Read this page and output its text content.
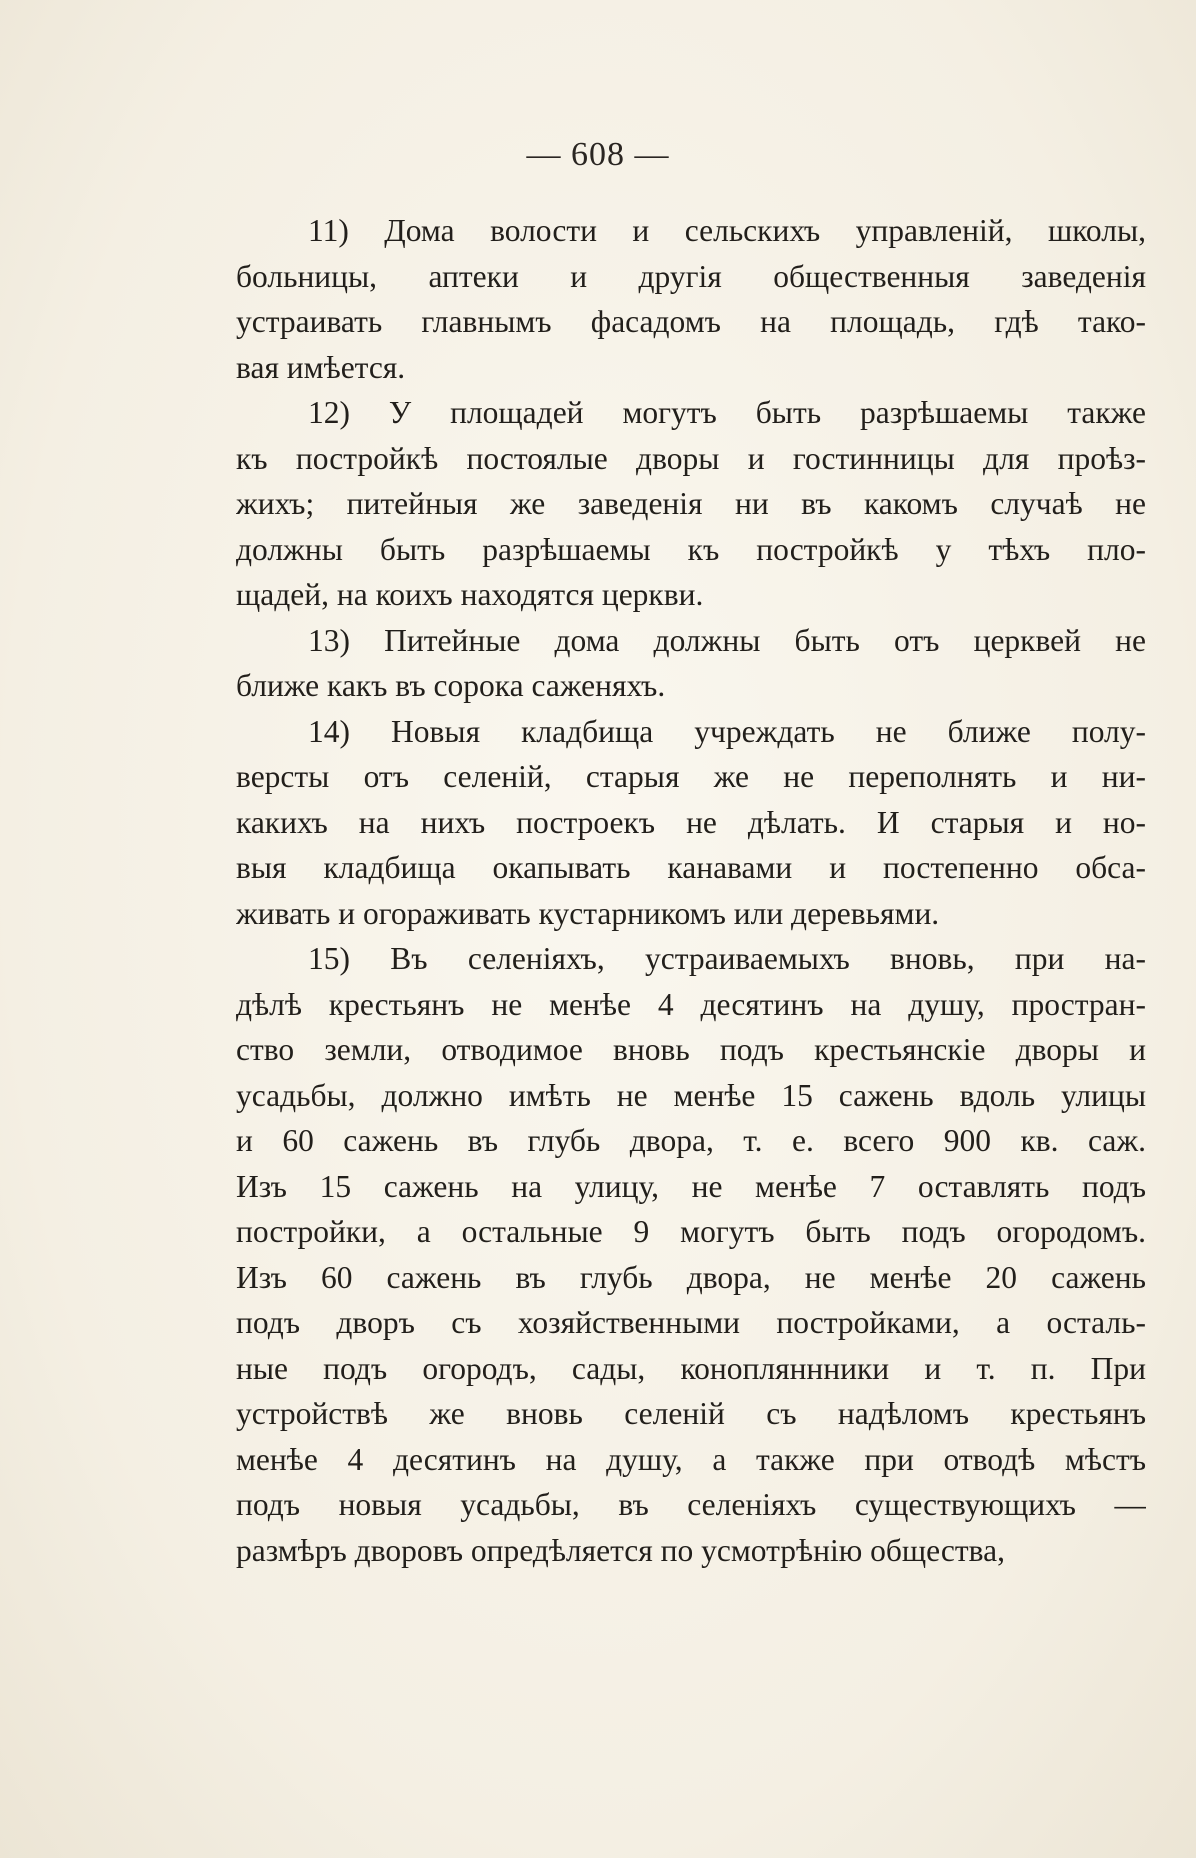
— 608 —
11) Дома волости и сельскихъ управленій, школы,
больницы, аптеки и другія общественныя заведенія
устраивать главнымъ фасадомъ на площадь, гдѣ тако-
вая имѣется.
12) У площадей могутъ быть разрѣшаемы также
къ постройкѣ постоялые дворы и гостинницы для проѣз-
жихъ; питейныя же заведенія ни въ какомъ случаѣ не
должны быть разрѣшаемы къ постройкѣ у тѣхъ пло-
щадей, на коихъ находятся церкви.
13) Питейные дома должны быть отъ церквей не
ближе какъ въ сорока саженяхъ.
14) Новыя кладбища учреждать не ближе полу-
версты отъ селеній, старыя же не переполнять и ни-
какихъ на нихъ построекъ не дѣлать. И старыя и но-
выя кладбища окапывать канавами и постепенно обса-
живать и огораживать кустарникомъ или деревьями.
15) Въ селеніяхъ, устраиваемыхъ вновь, при на-
дѣлѣ крестьянъ не менѣе 4 десятинъ на душу, простран-
ство земли, отводимое вновь подъ крестьянскіе дворы и
усадьбы, должно имѣть не менѣе 15 сажень вдоль улицы
и 60 сажень въ глубь двора, т. е. всего 900 кв. саж.
Изъ 15 сажень на улицу, не менѣе 7 оставлять подъ
постройки, а остальные 9 могутъ быть подъ огородомъ.
Изъ 60 сажень въ глубь двора, не менѣе 20 сажень
подъ дворъ съ хозяйственными постройками, а осталь-
ные подъ огородъ, сады, конопляннники и т. п. При
устройствѣ же вновь селеній съ надѣломъ крестьянъ
менѣе 4 десятинъ на душу, а также при отводѣ мѣстъ
подъ новыя усадьбы, въ селеніяхъ существующихъ —
размѣръ дворовъ опредѣляется по усмотрѣнію общества,
